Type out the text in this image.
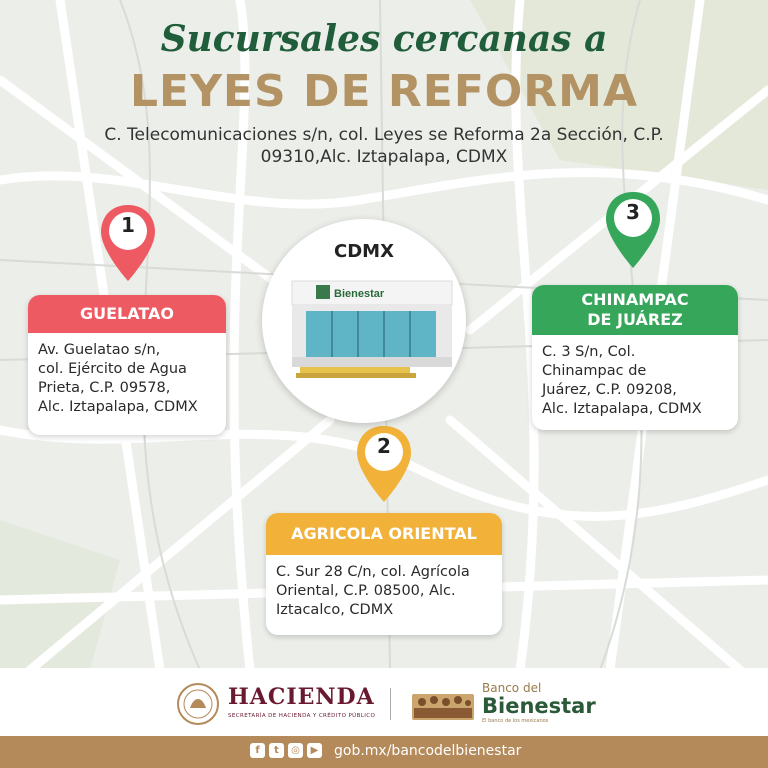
Sucursales cercanas a
LEYES DE REFORMA
C. Telecomunicaciones s/n, col. Leyes se Reforma 2a Sección, C.P. 09310,Alc. Iztapalapa, CDMX
1
3
2
CDMX
Bienestar
GUELATAO
Av. Guelatao s/n,
col. Ejército de Agua
Prieta, C.P. 09578,
Alc. Iztapalapa, CDMX
CHINAMPAC
DE JUÁREZ
C. 3 S/n, Col.
Chinampac de
Juárez, C.P. 09208,
Alc. Iztapalapa, CDMX
AGRICOLA ORIENTAL
C. Sur 28 C/n, col. Agrícola
Oriental, C.P. 08500, Alc.
Iztacalco, CDMX
HACIENDA
SECRETARÍA DE HACIENDA Y CRÉDITO PÚBLICO
Banco del
Bienestar
El banco de los mexicanos
f	t	◎	▶ gob.mx/bancodelbienestar
